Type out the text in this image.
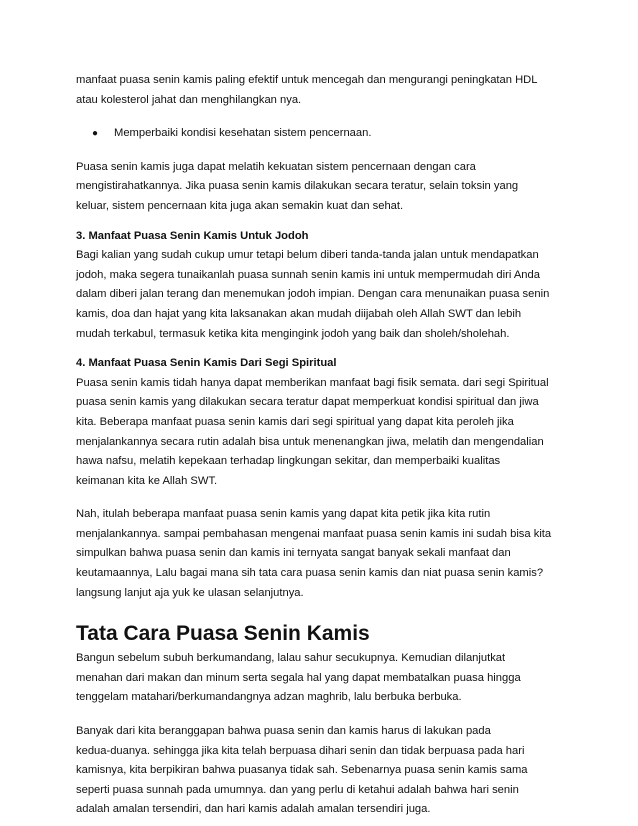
manfaat puasa senin kamis paling efektif untuk mencegah dan mengurangi peningkatan HDL
atau kolesterol jahat dan menghilangkan nya.

●	Memperbaiki kondisi kesehatan sistem pencernaan.

Puasa senin kamis juga dapat melatih kekuatan sistem pencernaan dengan cara
mengistirahatkannya. Jika puasa senin kamis dilakukan secara teratur, selain toksin yang
keluar, sistem pencernaan kita juga akan semakin kuat dan sehat.

3. Manfaat Puasa Senin Kamis Untuk Jodoh

Bagi kalian yang sudah cukup umur tetapi belum diberi tanda-tanda jalan untuk mendapatkan
jodoh, maka segera tunaikanlah puasa sunnah senin kamis ini untuk mempermudah diri Anda
dalam diberi jalan terang dan menemukan jodoh impian. Dengan cara menunaikan puasa senin
kamis, doa dan hajat yang kita laksanakan akan mudah diijabah oleh Allah SWT dan lebih
mudah terkabul, termasuk ketika kita mengingink jodoh yang baik dan sholeh/sholehah.

4. Manfaat Puasa Senin Kamis Dari Segi Spiritual

Puasa senin kamis tidah hanya dapat memberikan manfaat bagi fisik semata. dari segi Spiritual
puasa senin kamis yang dilakukan secara teratur dapat memperkuat kondisi spiritual dan jiwa
kita. Beberapa manfaat puasa senin kamis dari segi spiritual yang dapat kita peroleh jika
menjalankannya secara rutin adalah bisa untuk menenangkan jiwa, melatih dan mengendalian
hawa nafsu, melatih kepekaan terhadap lingkungan sekitar, dan memperbaiki kualitas
keimanan kita ke Allah SWT.

Nah, itulah beberapa manfaat puasa senin kamis yang dapat kita petik jika kita rutin
menjalankannya. sampai pembahasan mengenai manfaat puasa senin kamis ini sudah bisa kita
simpulkan bahwa puasa senin dan kamis ini ternyata sangat banyak sekali manfaat dan
keutamaannya, Lalu bagai mana sih tata cara puasa senin kamis dan niat puasa senin kamis?
langsung lanjut aja yuk ke ulasan selanjutnya.

Tata Cara Puasa Senin Kamis

Bangun sebelum subuh berkumandang, lalau sahur secukupnya. Kemudian dilanjutkat
menahan dari makan dan minum serta segala hal yang dapat membatalkan puasa hingga
tenggelam matahari/berkumandangnya adzan maghrib, lalu berbuka berbuka.

Banyak dari kita beranggapan bahwa puasa senin dan kamis harus di lakukan pada
kedua-duanya. sehingga jika kita telah berpuasa dihari senin dan tidak berpuasa pada hari
kamisnya, kita berpikiran bahwa puasanya tidak sah. Sebenarnya puasa senin kamis sama
seperti puasa sunnah pada umumnya. dan yang perlu di ketahui adalah bahwa hari senin
adalah amalan tersendiri, dan hari kamis adalah amalan tersendiri juga.
